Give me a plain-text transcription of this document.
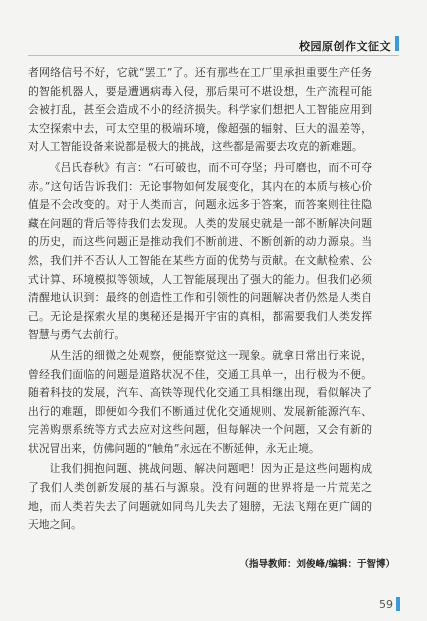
校园原创作文征文

者网络信号不好，它就“罢工”了。还有那些在工厂里承担重要生产任务的智能机器人，要是遭遇病毒入侵，那后果可不堪设想，生产流程可能会被打乱，甚至会造成不小的经济损失。科学家们想把人工智能应用到太空探索中去，可太空里的极端环境，像超强的辐射、巨大的温差等，对人工智能设备来说都是极大的挑战，这些都是需要去攻克的新难题。

《吕氏春秋》有言：“石可破也，而不可夺坚；丹可磨也，而不可夺赤。”这句话告诉我们：无论事物如何发展变化，其内在的本质与核心价值是不会改变的。对于人类而言，问题永远多于答案，而答案则往往隐藏在问题的背后等待我们去发现。人类的发展史就是一部不断解决问题的历史，而这些问题正是推动我们不断前进、不断创新的动力源泉。当然，我们并不否认人工智能在某些方面的优势与贡献。在文献检索、公式计算、环境模拟等领域，人工智能展现出了强大的能力。但我们必须清醒地认识到：最终的创造性工作和引领性的问题解决者仍然是人类自己。无论是探索火星的奥秘还是揭开宇宙的真相，都需要我们人类发挥智慧与勇气去前行。

从生活的细微之处观察，便能察觉这一现象。就拿日常出行来说，曾经我们面临的问题是道路状况不佳，交通工具单一，出行极为不便。随着科技的发展，汽车、高铁等现代化交通工具相继出现，看似解决了出行的难题，即便如今我们不断通过优化交通规则、发展新能源汽车、完善购票系统等方式去应对这些问题，但每解决一个问题，又会有新的状况冒出来，仿佛问题的“触角”永远在不断延伸，永无止境。

让我们拥抱问题、挑战问题、解决问题吧！因为正是这些问题构成了我们人类创新发展的基石与源泉。没有问题的世界将是一片荒芜之地，而人类若失去了问题就如同鸟儿失去了翅膀，无法飞翔在更广阔的天地之间。

（指导教师：刘俊峰/编辑：于智博）
59
